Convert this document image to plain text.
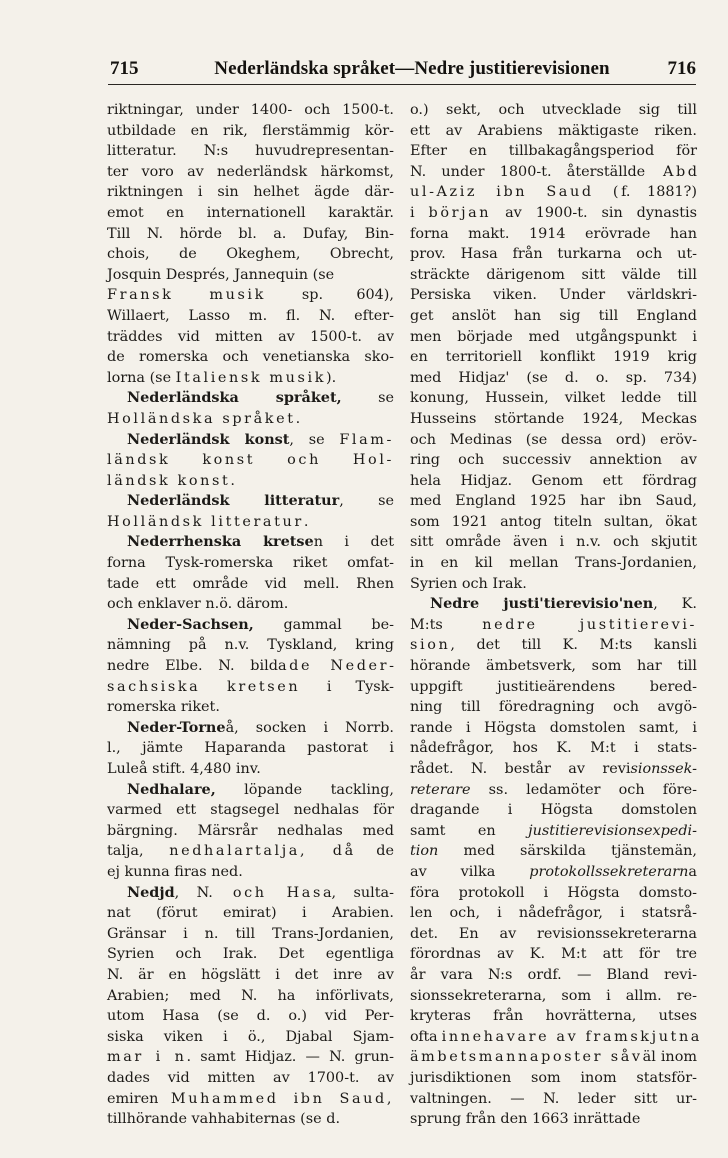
715	Nederländska språket—Nedre justitierevisionen	716
riktningar, under 1400- och 1500-t.
utbildade en rik, flerstämmig kör-
litteratur. N:s huvudrepresentan-
ter voro av nederländsk härkomst,
riktningen i sin helhet ägde där-
emot en internationell karaktär.
Till N. hörde bl. a. Dufay, Bin-
chois, de Okeghem, Obrecht,
Josquin Després, Jannequin (se
Fransk musik sp. 604),
Willaert, Lasso m. fl. N. efter-
träddes vid mitten av 1500-t. av
de romerska och venetianska sko-
lorna (se Italiensk musik).
Nederländska språket, se
Holländska språket.
Nederländsk konst, se Flam-
ländsk konst och Hol-
ländsk konst.
Nederländsk litteratur, se
Holländsk litteratur.
Nederrhenska kretsen i det
forna Tysk-romerska riket omfat-
tade ett område vid mell. Rhen
och enklaver n.ö. därom.
Neder-Sachsen, gammal be-
nämning på n.v. Tyskland, kring
nedre Elbe. N. bildade Neder-
sachsiska kretsen i Tysk-
romerska riket.
Neder-Torneå, socken i Norrb.
l., jämte Haparanda pastorat i
Luleå stift. 4,480 inv.
Nedhalare, löpande tackling,
varmed ett stagsegel nedhalas för
bärgning. Märsrår nedhalas med
talja, nedhalartalja, då de
ej kunna firas ned.
Nedjd, N. och Hasa, sulta-
nat (förut emirat) i Arabien.
Gränsar i n. till Trans-Jordanien,
Syrien och Irak. Det egentliga
N. är en högslätt i det inre av
Arabien; med N. ha införlivats,
utom Hasa (se d. o.) vid Per-
siska viken i ö., Djabal Sjam-
mar i n. samt Hidjaz. — N. grun-
dades vid mitten av 1700-t. av
emiren Muhammed ibn Saud,
tillhörande vahhabiternas (se d.
o.) sekt, och utvecklade sig till
ett av Arabiens mäktigaste riken.
Efter en tillbakagångsperiod för
N. under 1800-t. återställde Abd
ul-Aziz ibn Saud (f. 1881?)
i början av 1900-t. sin dynastis
forna makt. 1914 erövrade han
prov. Hasa från turkarna och ut-
sträckte därigenom sitt välde till
Persiska viken. Under världskri-
get anslöt han sig till England
men började med utgångspunkt i
en territoriell konflikt 1919 krig
med Hidjaz' (se d. o. sp. 734)
konung, Hussein, vilket ledde till
Husseins störtande 1924, Meckas
och Medinas (se dessa ord) eröv-
ring och successiv annektion av
hela Hidjaz. Genom ett fördrag
med England 1925 har ibn Saud,
som 1921 antog titeln sultan, ökat
sitt område även i n.v. och skjutit
in en kil mellan Trans-Jordanien,
Syrien och Irak.
Nedre justi'tierevisio'nen, K.
M:ts nedre justitierevi-
sion, det till K. M:ts kansli
hörande ämbetsverk, som har till
uppgift justitieärendens bered-
ning till föredragning och avgö-
rande i Högsta domstolen samt, i
nådefrågor, hos K. M:t i stats-
rådet. N. består av revisionssek-
reterare ss. ledamöter och före-
dragande i Högsta domstolen
samt en justitierevisionsexpedi-
tion med särskilda tjänstemän,
av vilka protokollssekreterarna
föra protokoll i Högsta domsto-
len och, i nådefrågor, i statsrå-
det. En av revisionssekreterarna
förordnas av K. M:t att för tre
år vara N:s ordf. — Bland revi-
sionssekreterarna, som i allm. re-
kryteras från hovrätterna, utses
ofta innehavare av framskjutna
ämbetsmannaposter såväl inom
jurisdiktionen som inom statsför-
valtningen. — N. leder sitt ur-
sprung från den 1663 inrättade
